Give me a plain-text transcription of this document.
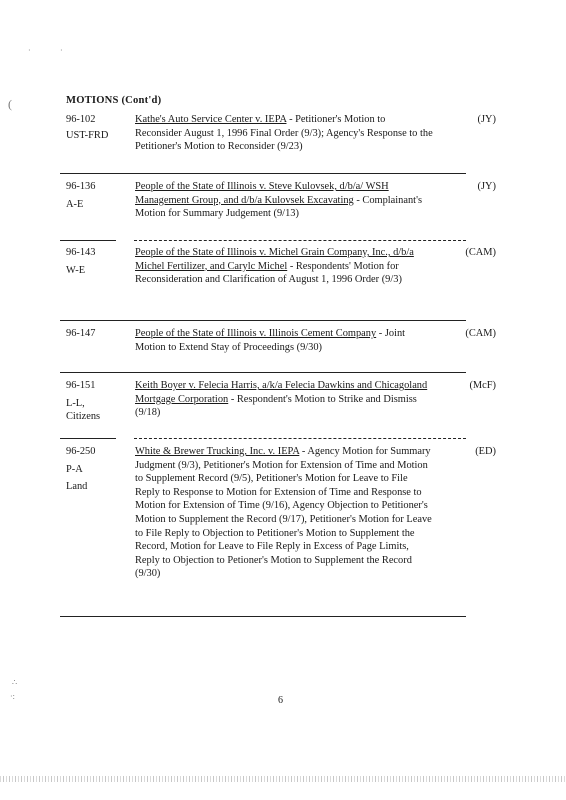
MOTIONS (Cont'd)
96-102
UST-FRD
Kathe's Auto Service Center v. IEPA - Petitioner's Motion to Reconsider August 1, 1996 Final Order (9/3); Agency's Response to the Petitioner's Motion to Reconsider (9/23)
(JY)
96-136
A-E
People of the State of Illinois v. Steve Kulovsek, d/b/a/ WSH Management Group, and d/b/a Kulovsek Excavating - Complainant's Motion for Summary Judgement (9/13)
(JY)
96-143
W-E
People of the State of Illinois v. Michel Grain Company, Inc., d/b/a Michel Fertilizer, and Carylc Michel - Respondents' Motion for Reconsideration and Clarification of August 1, 1996 Order (9/3)
(CAM)
96-147	People of the State of Illinois v. Illinois Cement Company - Joint Motion to Extend Stay of Proceedings (9/30)
(CAM)
96-151
L-L,
Citizens
Keith Boyer v. Felecia Harris, a/k/a Felecia Dawkins and Chicagoland Mortgage Corporation - Respondent's Motion to Strike and Dismiss (9/18)
(McF)
96-250
P-A
Land
White & Brewer Trucking, Inc. v. IEPA - Agency Motion for Summary Judgment (9/3), Petitioner's Motion for Extension of Time and Motion to Supplement Record (9/5), Petitioner's Motion for Leave to File Reply to Response to Motion for Extension of Time and Response to Motion for Extension of Time (9/16), Agency Objection to Petitioner's Motion to Supplement the Record (9/17), Petitioner's Motion for Leave to File Reply to Objection to Petitioner's Motion to Supplement the Record, Motion for Leave to File Reply in Excess of Page Limits, Reply to Objection to Petioner's Motion to Supplement the Record (9/30)
(ED)
6
·	·
(
∴
·:
